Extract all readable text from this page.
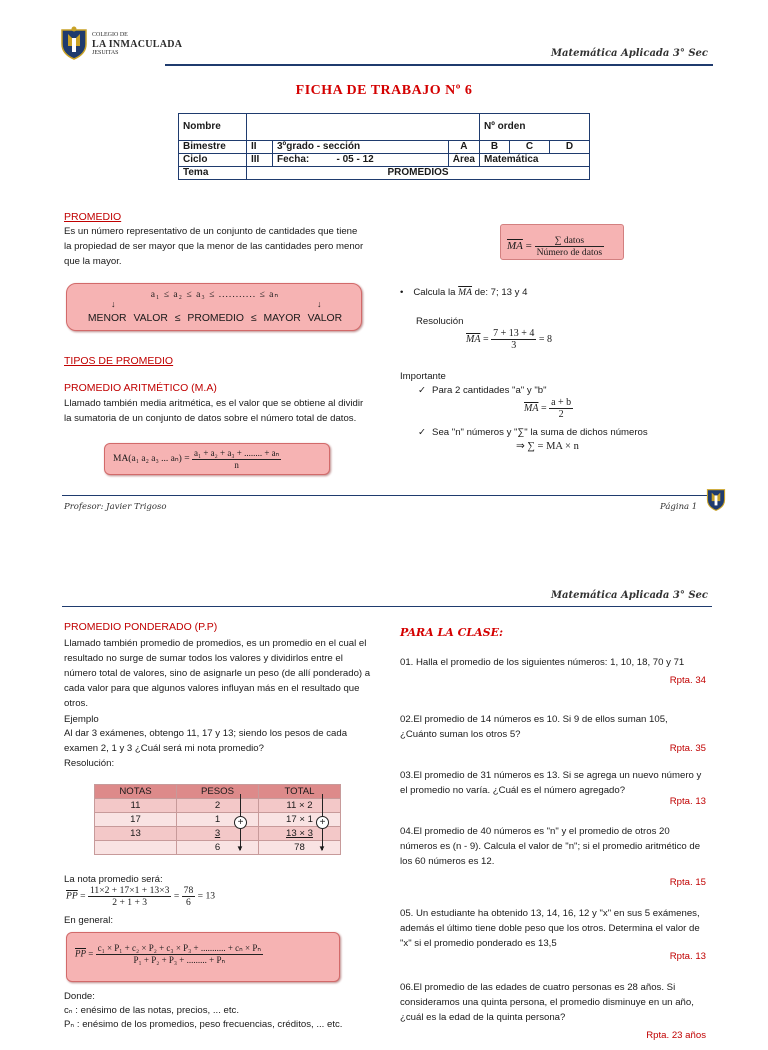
COLEGIO DE
LA INMACULADA
JESUITAS	Matemática Aplicada 3° Sec
FICHA DE TRABAJO Nº 6
Nombre					Nº orden		
Bimestre	II	3ºgrado - sección		A	B	C	D
Ciclo	III	Fecha:	- 05 - 12	Área	Matemática		
Tema	PROMEDIOS						
PROMEDIO
Es un número representativo de un conjunto de cantidades que tiene la propiedad de ser mayor que la menor de las cantidades pero menor que la mayor.
a₁ ≤ a₂ ≤ a₃ ≤ ........... ≤ aₙ
↓	↓
MENOR VALOR ≤ PROMEDIO ≤ MAYOR VALOR
$\overline{MA} = \frac{\text{∑ datos}}{\text{Número de datos}}$
• Calcula la $\overline{MA}$ de: 7; 13 y 4
Resolución
$\overline{MA} = \frac{7 + 13 + 4}{3} = 8$
Importante
✓ Para 2 cantidades "a" y "b"
$\overline{MA} = \frac{a + b}{2}$
✓ Sea "n" números y "∑" la suma de dichos números
⇒ ∑ = MA × n
TIPOS DE PROMEDIO
PROMEDIO ARITMÉTICO (M.A)
Llamado también media aritmética, es el valor que se obtiene al dividir la sumatoria de un conjunto de datos sobre el número total de datos.
MA(a₁ a₂ a₃ ... $a_n) = \frac{\text{a₁ + a₂ + a₃ + ........ + aₙ}}{n}$
Profesor: Javier Trigoso	Página 1
Matemática Aplicada 3° Sec
PROMEDIO PONDERADO (P.P)
Llamado también promedio de promedios, es un promedio en el cual el resultado no surge de sumar todos los valores y dividirlos entre el número total de valores, sino de asignarle un peso (de allí ponderado) a cada valor para que algunos valores influyan más en el resultado que otros.
Ejemplo
Al dar 3 exámenes, obtengo 11, 17 y 13; siendo los pesos de cada examen 2, 1 y 3 ¿Cuál será mi nota promedio?
Resolución:
NOTAS	PESOS	TOTAL
11	2	11 × 2
17	1	17 × 1
13	3	13 × 3
	6	78
▼
+
▼
+
La nota promedio será:
$\overline{PP} = \frac{11\times 2 + 17\times 1 + 13\times 3}{2 + 1 + 3} = \frac{78}{6} = 13$
En general:
$\overline{PP} = \frac{\text{c₁ × P₁ + c₂ × P₂ + c₃ × P₃ + ........... + cₙ × Pₙ}}{\text{P₁ + P₂ + P₃ + ......... + Pₙ}}$
Donde:
cₙ : enésimo de las notas, precios, ... etc.
Pₙ : enésimo de los promedios, peso frecuencias, créditos, ... etc.
PARA LA CLASE:
01. Halla el promedio de los siguientes números: 1, 10, 18, 70 y 71
Rpta. 34
02.El promedio de 14 números es 10. Si 9 de ellos suman 105, ¿Cuánto suman los otros 5?
Rpta. 35
03.El promedio de 31 números es 13. Si se agrega un nuevo número y el promedio no varía. ¿Cuál es el número agregado?
Rpta. 13
04.El promedio de 40 números es "n" y el promedio de otros 20 números es (n - 9). Calcula el valor de "n"; si el promedio aritmético de los 60 números es 12.
Rpta. 15
05. Un estudiante ha obtenido 13, 14, 16, 12 y "x" en sus 5 exámenes, además el último tiene doble peso que los otros. Determina el valor de "x" si el promedio ponderado es 13,5
Rpta. 13
06.El promedio de las edades de cuatro personas es 28 años. Si consideramos una quinta persona, el promedio disminuye en un año, ¿cuál es la edad de la quinta persona?
Rpta. 23 años
